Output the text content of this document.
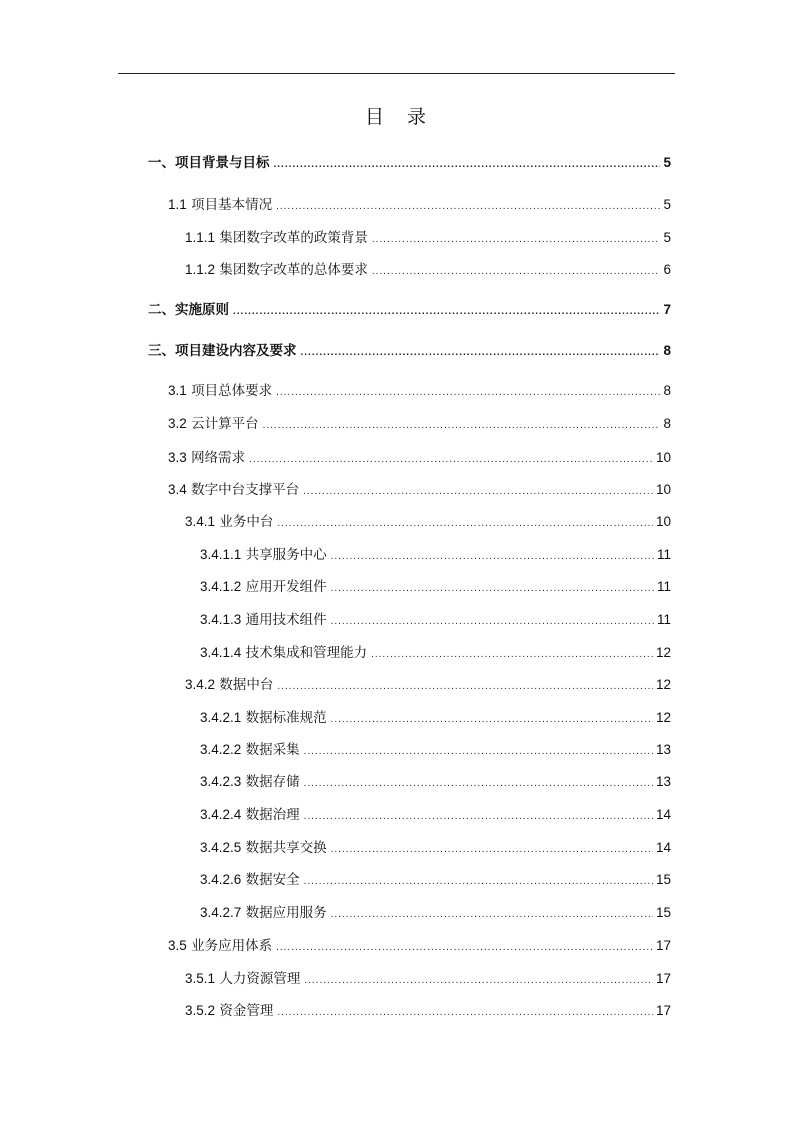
目　录
一、项目背景与目标 .....	5
1.1 项目基本情况 .....	5
1.1.1 集团数字改革的政策背景 .....	5
1.1.2 集团数字改革的总体要求 .....	6
二、实施原则 .....	7
三、项目建设内容及要求 .....	8
3.1 项目总体要求 .....	8
3.2 云计算平台 .....	8
3.3 网络需求 .....	10
3.4 数字中台支撑平台 .....	10
3.4.1 业务中台 .....	10
3.4.1.1 共享服务中心 .....	11
3.4.1.2 应用开发组件 .....	11
3.4.1.3 通用技术组件 .....	11
3.4.1.4 技术集成和管理能力 .....	12
3.4.2 数据中台 .....	12
3.4.2.1 数据标准规范 .....	12
3.4.2.2 数据采集 .....	13
3.4.2.3 数据存储 .....	13
3.4.2.4 数据治理 .....	14
3.4.2.5 数据共享交换 .....	14
3.4.2.6 数据安全 .....	15
3.4.2.7 数据应用服务 .....	15
3.5 业务应用体系 .....	17
3.5.1 人力资源管理 .....	17
3.5.2 资金管理 .....	17
